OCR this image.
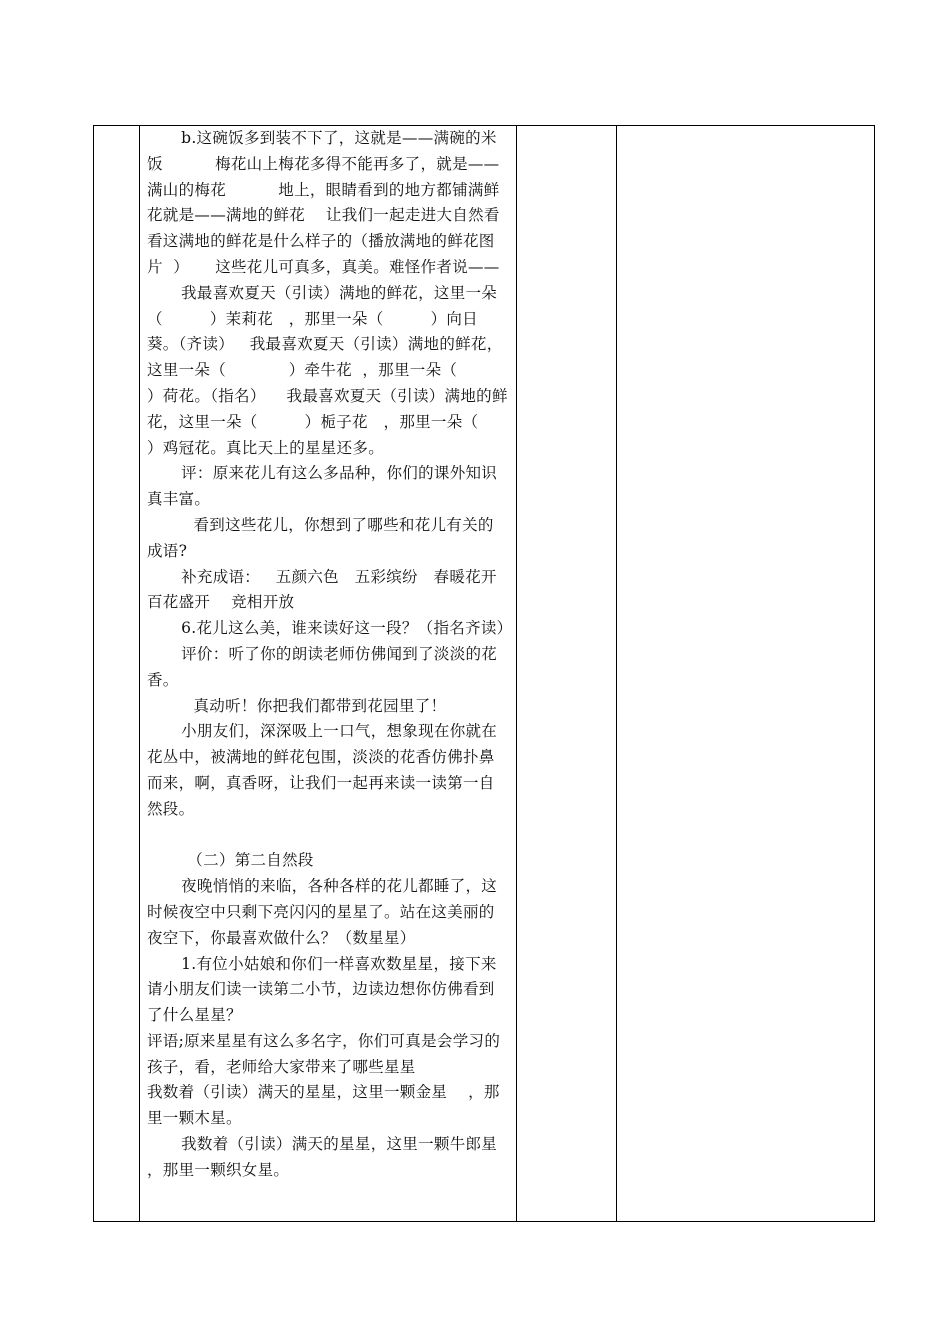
b.这碗饭多到装不下了，这就是——满碗的米饭          梅花山上梅花多得不能再多了，就是——满山的梅花          地上，眼睛看到的地方都铺满鲜花就是——满地的鲜花    让我们一起走进大自然看看这满地的鲜花是什么样子的（播放满地的鲜花图片  ）     这些花儿可真多，真美。难怪作者说——

我最喜欢夏天（引读）满地的鲜花，这里一朵（         ）茉莉花   ，那里一朵（         ）向日葵。（齐读）   我最喜欢夏天（引读）满地的鲜花，这里一朵（            ）牵牛花  ，那里一朵（          ）荷花。（指名）    我最喜欢夏天（引读）满地的鲜花，这里一朵（         ）栀子花   ，那里一朵（          ）鸡冠花。真比天上的星星还多。

评：原来花儿有这么多品种，你们的课外知识真丰富。

看到这些花儿，你想到了哪些和花儿有关的成语?

补充成语：   五颜六色   五彩缤纷   春暖花开      百花盛开    竞相开放

6.花儿这么美，谁来读好这一段？（指名齐读）

评价：听了你的朗读老师仿佛闻到了淡淡的花香。

真动听！你把我们都带到花园里了！

小朋友们，深深吸上一口气，想象现在你就在花丛中，被满地的鲜花包围，淡淡的花香仿佛扑鼻而来，啊，真香呀，让我们一起再来读一读第一自然段。

（二）第二自然段

夜晚悄悄的来临，各种各样的花儿都睡了，这时候夜空中只剩下亮闪闪的星星了。站在这美丽的夜空下，你最喜欢做什么？（数星星）

1.有位小姑娘和你们一样喜欢数星星，接下来请小朋友们读一读第二小节，边读边想你仿佛看到了什么星星？

评语;原来星星有这么多名字，你们可真是会学习的孩子，看，老师给大家带来了哪些星星

我数着（引读）满天的星星，这里一颗金星    ，那里一颗木星。

我数着（引读）满天的星星，这里一颗牛郎星   ，那里一颗织女星。
